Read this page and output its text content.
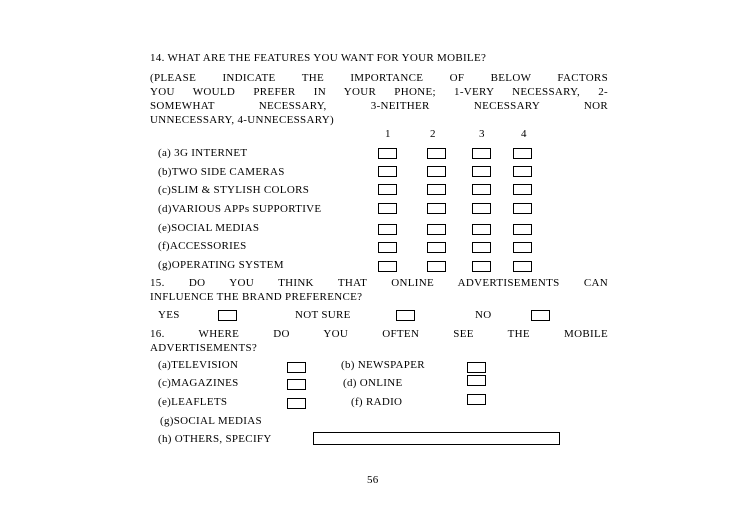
14. WHAT ARE THE FEATURES YOU WANT FOR YOUR MOBILE?
(PLEASE INDICATE THE IMPORTANCE OF BELOW FACTORS
YOU WOULD PREFER IN YOUR PHONE; 1-VERY NECESSARY, 2-
SOMEWHAT NECESSARY, 3-NEITHER NECESSARY NOR
UNNECESSARY, 4-UNNECESSARY)
1	2	3	4
(a) 3G INTERNET
(b)TWO SIDE CAMERAS
(c)SLIM & STYLISH COLORS
(d)VARIOUS APPs SUPPORTIVE
(e)SOCIAL MEDIAS
(f)ACCESSORIES
(g)OPERATING SYSTEM
15. DO YOU THINK THAT ONLINE ADVERTISEMENTS CAN
INFLUENCE THE BRAND PREFERENCE?
YES	NOT SURE	NO
16. WHERE DO YOU OFTEN SEE THE MOBILE
ADVERTISEMENTS?
(a)TELEVISION	(b) NEWSPAPER
(c)MAGAZINES	(d) ONLINE
(e)LEAFLETS	(f) RADIO
(g)SOCIAL MEDIAS
(h) OTHERS, SPECIFY
56
